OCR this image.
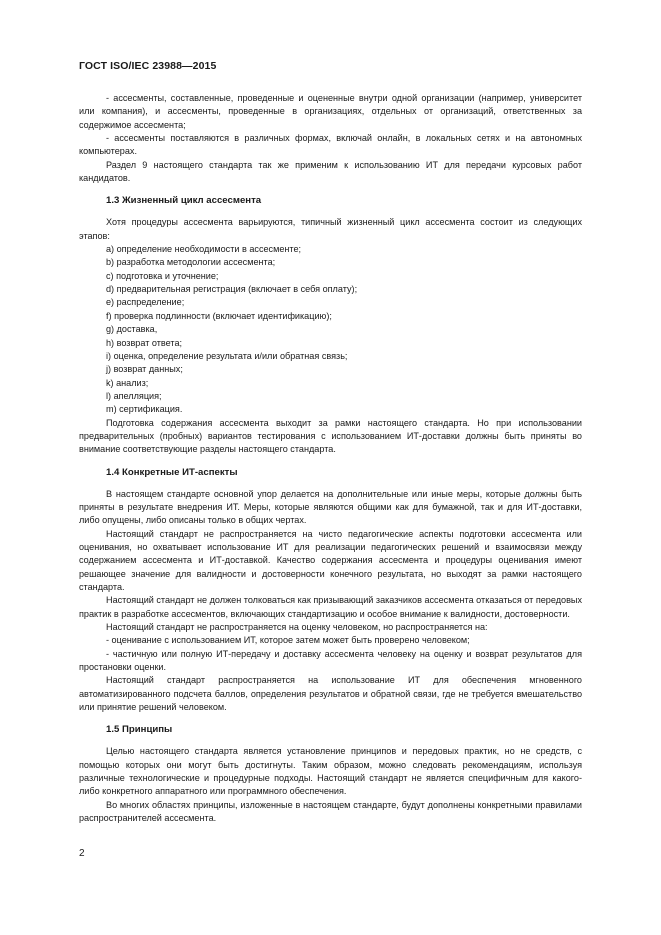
ГОСТ ISO/IEC 23988—2015

- ассесменты, составленные, проведенные и оцененные внутри одной организации (например, университет или компания), и ассесменты, проведенные в организациях, отдельных от организаций, ответственных за содержимое ассесмента;

- ассесменты поставляются в различных формах, включай онлайн, в локальных сетях и на автономных компьютерах.

Раздел 9 настоящего стандарта так же применим к использованию ИТ для передачи курсовых работ кандидатов.

1.3 Жизненный цикл ассесмента

Хотя процедуры ассесмента варьируются, типичный жизненный цикл ассесмента состоит из следующих этапов:

a) определение необходимости в ассесменте;

b) разработка методологии ассесмента;

c) подготовка и уточнение;

d) предварительная регистрация (включает в себя оплату);

e) распределение;

f) проверка подлинности (включает идентификацию);

g) доставка,

h) возврат ответа;

i) оценка, определение результата и/или обратная связь;

j) возврат данных;

k) анализ;

l) апелляция;

m) сертификация.

Подготовка содержания ассесмента выходит за рамки настоящего стандарта. Но при использовании предварительных (пробных) вариантов тестирования с использованием ИТ-доставки должны быть приняты во внимание соответствующие разделы настоящего стандарта.

1.4 Конкретные ИТ-аспекты

В настоящем стандарте основной упор делается на дополнительные или иные меры, которые должны быть приняты в результате внедрения ИТ. Меры, которые являются общими как для бумажной, так и для ИТ-доставки, либо опущены, либо описаны только в общих чертах.

Настоящий стандарт не распространяется на чисто педагогические аспекты подготовки ассесмента или оценивания, но охватывает использование ИТ для реализации педагогических решений и взаимосвязи между содержанием ассесмента и ИТ-доставкой. Качество содержания ассесмента и процедуры оценивания имеют решающее значение для валидности и достоверности конечного результата, но выходят за рамки настоящего стандарта.

Настоящий стандарт не должен толковаться как призывающий заказчиков ассесмента отказаться от передовых практик в разработке ассесментов, включающих стандартизацию и особое внимание к валидности, достоверности.

Настоящий стандарт не распространяется на оценку человеком, но распространяется на:

- оценивание с использованием ИТ, которое затем может быть проверено человеком;

- частичную или полную ИТ-передачу и доставку ассесмента человеку на оценку и возврат результатов для простановки оценки.

Настоящий стандарт распространяется на использование ИТ для обеспечения мгновенного автоматизированного подсчета баллов, определения результатов и обратной связи, где не требуется вмешательство или принятие решений человеком.

1.5 Принципы

Целью настоящего стандарта является установление принципов и передовых практик, но не средств, с помощью которых они могут быть достигнуты. Таким образом, можно следовать рекомендациям, используя различные технологические и процедурные подходы. Настоящий стандарт не является специфичным для какого-либо конкретного аппаратного или программного обеспечения.

Во многих областях принципы, изложенные в настоящем стандарте, будут дополнены конкретными правилами распространителей ассесмента.

2
